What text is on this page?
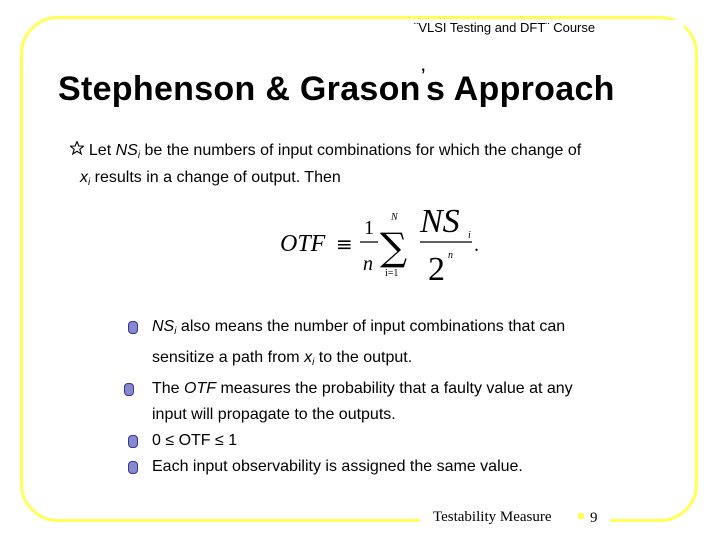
¨VLSI Testing and DFT¨ Course
Stephenson & Grason’s Approach
Let $NS_i$ be the numbers of input combinations for which the change of
$x_i$ results in a change of output. Then
OTF ≡
1
n
N
∑
i=1
NS i
2 n .
$NS_i$ also means the number of input combinations that can
sensitize a path from $x_i$ to the output.
The OTF measures the probability that a faulty value at any
input will propagate to the outputs.
0 ≤ OTF ≤ 1
Each input observability is assigned the same value.
Testability Measure	9
